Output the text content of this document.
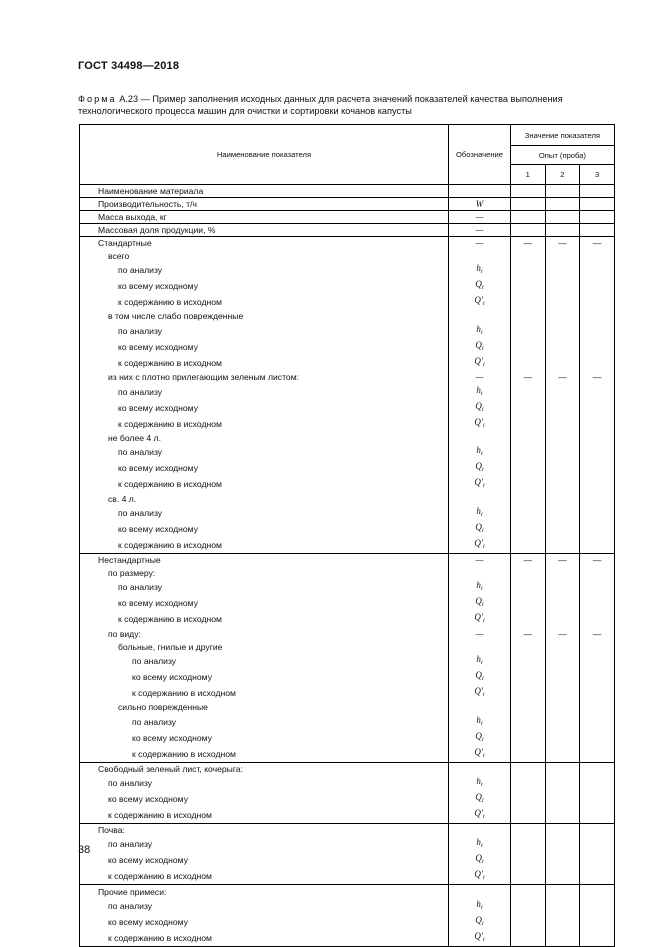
ГОСТ 34498—2018
Форма А.23 — Пример заполнения исходных данных для расчета значений показателей качества выполнения технологического процесса машин для очистки и сортировки кочанов капусты
Наименование показателя	Обозначение	Значение показателя		
		Опыт (проба)		
		1	2	3
Наименование материала				
Производительность, т/ч	W			
Масса выхода, кг	—			
Массовая доля продукции, %	—			
Стандартные	—	—	—	—
всего				
по анализу	$h_i$			
ко всему исходному	$Q_i$			
к содержанию в исходном	$Q'_i$			
в том числе слабо поврежденные				
по анализу	$h_i$			
ко всему исходному	$Q_i$			
к содержанию в исходном	$Q'_i$			
из них с плотно прилегающим зеленым листом:	—	—	—	—
по анализу	$h_i$			
ко всему исходному	$Q_i$			
к содержанию в исходном	$Q'_i$			
не более 4 л.				
по анализу	$h_i$			
ко всему исходному	$Q_i$			
к содержанию в исходном	$Q'_i$			
св. 4 л.				
по анализу	$h_i$			
ко всему исходному	$Q_i$			
к содержанию в исходном	$Q'_i$			
Нестандартные	—	—	—	—
по размеру:				
по анализу	$h_i$			
ко всему исходному	$Q_i$			
к содержанию в исходном	$Q'_i$			
по виду:	—	—	—	—
больные, гнилые и другие				
по анализу	$h_i$			
ко всему исходному	$Q_i$			
к содержанию в исходном	$Q'_i$			
сильно поврежденные				
по анализу	$h_i$			
ко всему исходному	$Q_i$			
к содержанию в исходном	$Q'_i$			
Свободный зеленый лист, кочерыга:				
по анализу	$h_i$			
ко всему исходному	$Q_i$			
к содержанию в исходном	$Q'_i$			
Почва:				
по анализу	$h_i$			
ко всему исходному	$Q_i$			
к содержанию в исходном	$Q'_i$			
Прочие примеси:				
по анализу	$h_i$			
ко всему исходному	$Q_i$			
к содержанию в исходном	$Q'_i$			
38
